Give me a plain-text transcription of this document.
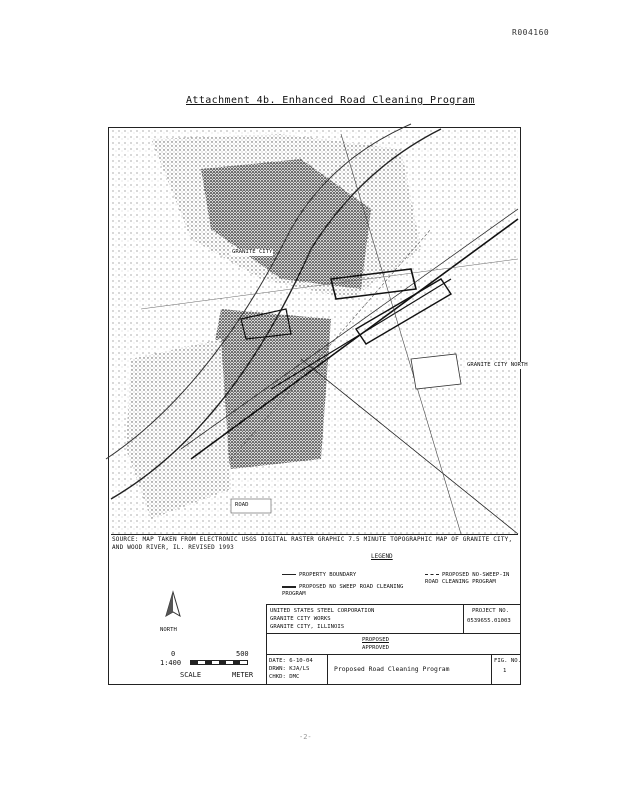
R004160
Attachment 4b. Enhanced Road Cleaning Program
GRANITE CITY NORTH
GRANITE CITY
ROAD
SOURCE: MAP TAKEN FROM ELECTRONIC USGS DIGITAL RASTER GRAPHIC 7.5 MINUTE TOPOGRAPHIC MAP OF GRANITE CITY, AND WOOD RIVER, IL. REVISED 1993
LEGEND
PROPERTY BOUNDARY	PROPOSED NO-SWEEP-IN ROAD CLEANING PROGRAM
PROPOSED NO SWEEP ROAD CLEANING PROGRAM
NORTH
0	500
1:400
SCALE	METER
UNITED STATES STEEL CORPORATION
GRANITE CITY WORKS
GRANITE CITY, ILLINOIS
PROJECT NO.
0539655.01003
PROPOSED
APPROVED
DATE: 6-10-04
DRWN: KJA/LS
CHKD: DMC
Proposed Road Cleaning Program
FIG. NO.
1
-2-
